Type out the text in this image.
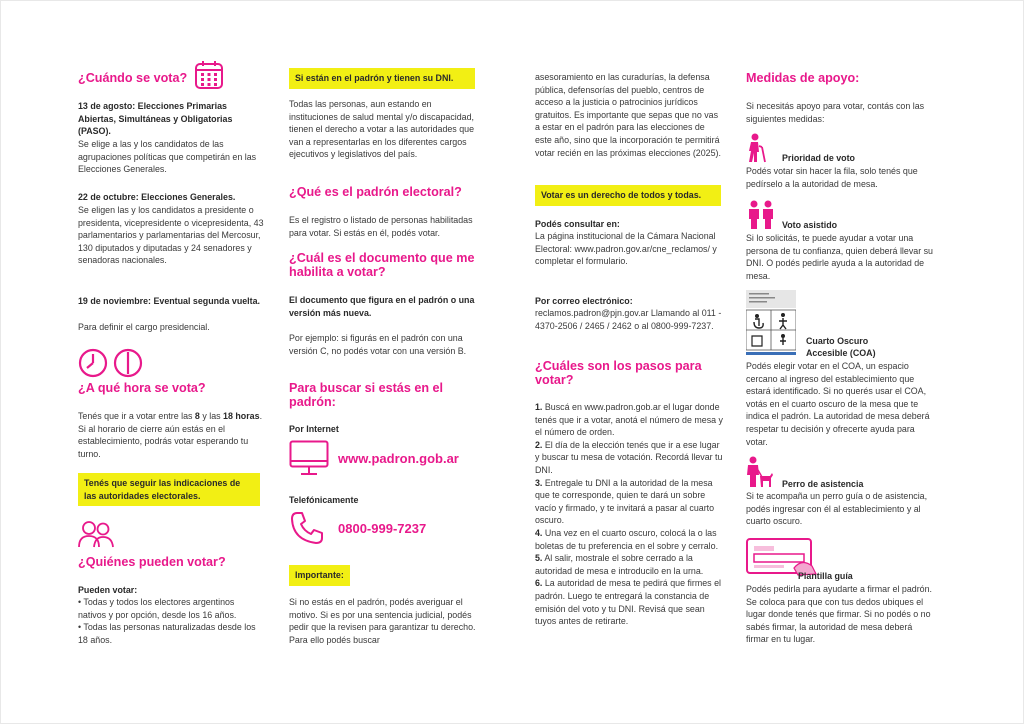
¿Cuándo se vota?

13 de agosto: Elecciones Primarias Abiertas, Simultáneas y Obligatorias (PASO).

Se elige a las y los candidatos de las agrupaciones políticas que competirán en las Elecciones Generales.

22 de octubre: Elecciones Generales.

Se eligen las y los candidatos a presidente o presidenta, vicepresidente o vicepresidenta, 43 parlamentarios y parlamentarias del Mercosur, 130 diputados y diputadas y 24 senadores y senadoras nacionales.

19 de noviembre: Eventual segunda vuelta.

Para definir el cargo presidencial.

¿A qué hora se vota?

Tenés que ir a votar entre las 8 y las 18 horas. Si al horario de cierre aún estás en el establecimiento, podrás votar esperando tu turno.

Tenés que seguir las indicaciones de las autoridades electorales.
¿Quiénes pueden votar?

Pueden votar:

• Todas y todos los electores argentinos nativos y por opción, desde los 16 años.
• Todas las personas naturalizadas desde los 18 años.

Si están en el padrón y tienen su DNI.

Todas las personas, aun estando en instituciones de salud mental y/o discapacidad, tienen el derecho a votar a las autoridades que van a representarlas en los diferentes cargos ejecutivos y legislativos del país.

¿Qué es el padrón electoral?

Es el registro o listado de personas habilitadas para votar. Si estás en él, podés votar.

¿Cuál es el documento que me habilita a votar?

El documento que figura en el padrón o una versión más nueva.

Por ejemplo: si figurás en el padrón con una versión C, no podés votar con una versión B.

Para buscar si estás en el padrón:
Por Internet
www.padron.gob.ar
Telefónicamente
0800-999-7237
Importante:

Si no estás en el padrón, podés averiguar el motivo. Si es por una sentencia judicial, podés pedir que la revisen para garantizar tu derecho. Para ello podés buscar

asesoramiento en las curadurías, la defensa pública, defensorías del pueblo, centros de acceso a la justicia o patrocinios jurídicos gratuitos. Es importante que sepas que no vas a estar en el padrón para las elecciones de este año, sino que la incorporación te permitirá votar recién en las próximas elecciones (2025).

Votar es un derecho de todos y todas.

Podés consultar en:

La página institucional de la Cámara Nacional Electoral: www.padron.gov.ar/cne_reclamos/ y completar el formulario.

Por correo electrónico:

reclamos.padron@pjn.gov.ar Llamando al 011 - 4370-2506 / 2465 / 2462 o al 0800-999-7237.

¿Cuáles son los pasos para votar?
1. Buscá en www.padron.gob.ar el lugar donde tenés que ir a votar, anotá el número de mesa y el número de orden.
2. El día de la elección tenés que ir a ese lugar y buscar tu mesa de votación. Recordá llevar tu DNI.
3. Entregale tu DNI a la autoridad de la mesa que te corresponde, quien te dará un sobre vacío y firmado, y te invitará a pasar al cuarto oscuro.
4. Una vez en el cuarto oscuro, colocá la o las boletas de tu preferencia en el sobre y cerralo.
5. Al salir, mostrale el sobre cerrado a la autoridad de mesa e introducilo en la urna.
6. La autoridad de mesa te pedirá que firmes el padrón. Luego te entregará la constancia de emisión del voto y tu DNI. Revisá que sean tuyos antes de retirarte.
Medidas de apoyo:

Si necesitás apoyo para votar, contás con las siguientes medidas:

Prioridad de voto

Podés votar sin hacer la fila, solo tenés que pedírselo a la autoridad de mesa.

Voto asistido

Si lo solicitás, te puede ayudar a votar una persona de tu confianza, quien deberá llevar su DNI. O podés pedirle ayuda a la autoridad de mesa.

Cuarto Oscuro
Accesible (COA)

Podés elegir votar en el COA, un espacio cercano al ingreso del establecimiento que estará identificado. Si no querés usar el COA, votás en el cuarto oscuro de la mesa que te indica el padrón. La autoridad de mesa deberá respetar tu decisión y ofrecerte ayuda para votar.

Perro de asistencia

Si te acompaña un perro guía o de asistencia, podés ingresar con él al establecimiento y al cuarto oscuro.

Plantilla guía

Podés pedirla para ayudarte a firmar el padrón. Se coloca para que con tus dedos ubiques el lugar donde tenés que firmar. Si no podés o no sabés firmar, la autoridad de mesa deberá firmar en tu lugar.
